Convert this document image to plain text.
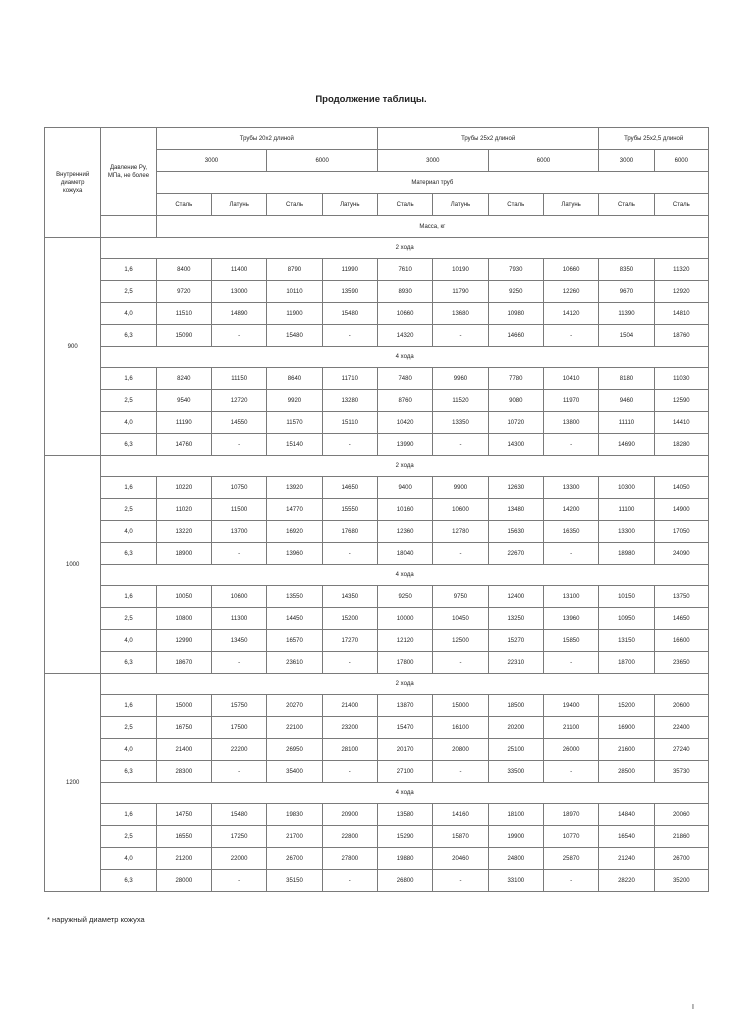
Продолжение таблицы.
Внутренний диаметр кожуха	Давление Ру, МПа, не более	Трубы 20х2 длиной				Трубы 25х2 длиной				Трубы 25х2,5 длиной	
		3000		6000		3000		6000		3000	6000
		Материал труб									
		Сталь	Латунь	Сталь	Латунь	Сталь	Латунь	Сталь	Латунь	Сталь	Сталь
		Масса, кг									
900	2 хода										
	1,6	8400	11400	8790	11990	7610	10190	7930	10660	8350	11320
	2,5	9720	13000	10110	13590	8930	11790	9250	12260	9670	12920
	4,0	11510	14890	11900	15480	10660	13680	10980	14120	11390	14810
	6,3	15090	-	15480	-	14320	-	14660	-	1504	18760
	4 хода										
	1,6	8240	11150	8640	11710	7480	9960	7780	10410	8180	11030
	2,5	9540	12720	9920	13280	8760	11520	9080	11970	9460	12590
	4,0	11190	14550	11570	15110	10420	13350	10720	13800	11110	14410
	6,3	14760	-	15140	-	13990	-	14300	-	14690	18280
1000	2 хода										
	1,6	10220	10750	13920	14650	9400	9900	12630	13300	10300	14050
	2,5	11020	11500	14770	15550	10160	10600	13480	14200	11100	14900
	4,0	13220	13700	16920	17680	12360	12780	15630	16350	13300	17050
	6,3	18900	-	13960	-	18040	-	22670	-	18980	24090
	4 хода										
	1,6	10050	10600	13550	14350	9250	9750	12400	13100	10150	13750
	2,5	10800	11300	14450	15200	10000	10450	13250	13960	10950	14650
	4,0	12990	13450	16570	17270	12120	12500	15270	15850	13150	16600
	6,3	18670	-	23610	-	17800	-	22310	-	18700	23650
1200	2 хода										
	1,6	15000	15750	20270	21400	13870	15000	18500	19400	15200	20600
	2,5	16750	17500	22100	23200	15470	16100	20200	21100	16900	22400
	4,0	21400	22200	26950	28100	20170	20800	25100	26000	21600	27240
	6,3	28300	-	35400	-	27100	-	33500	-	28500	35730
	4 хода										
	1,6	14750	15480	19830	20900	13580	14160	18100	18970	14840	20060
	2,5	16550	17250	21700	22800	15290	15870	19900	10770	16540	21860
	4,0	21200	22000	26700	27800	19880	20460	24800	25870	21240	26700
	6,3	28000	-	35150	-	26800	-	33100	-	28220	35200
* наружный диаметр кожуха
I
